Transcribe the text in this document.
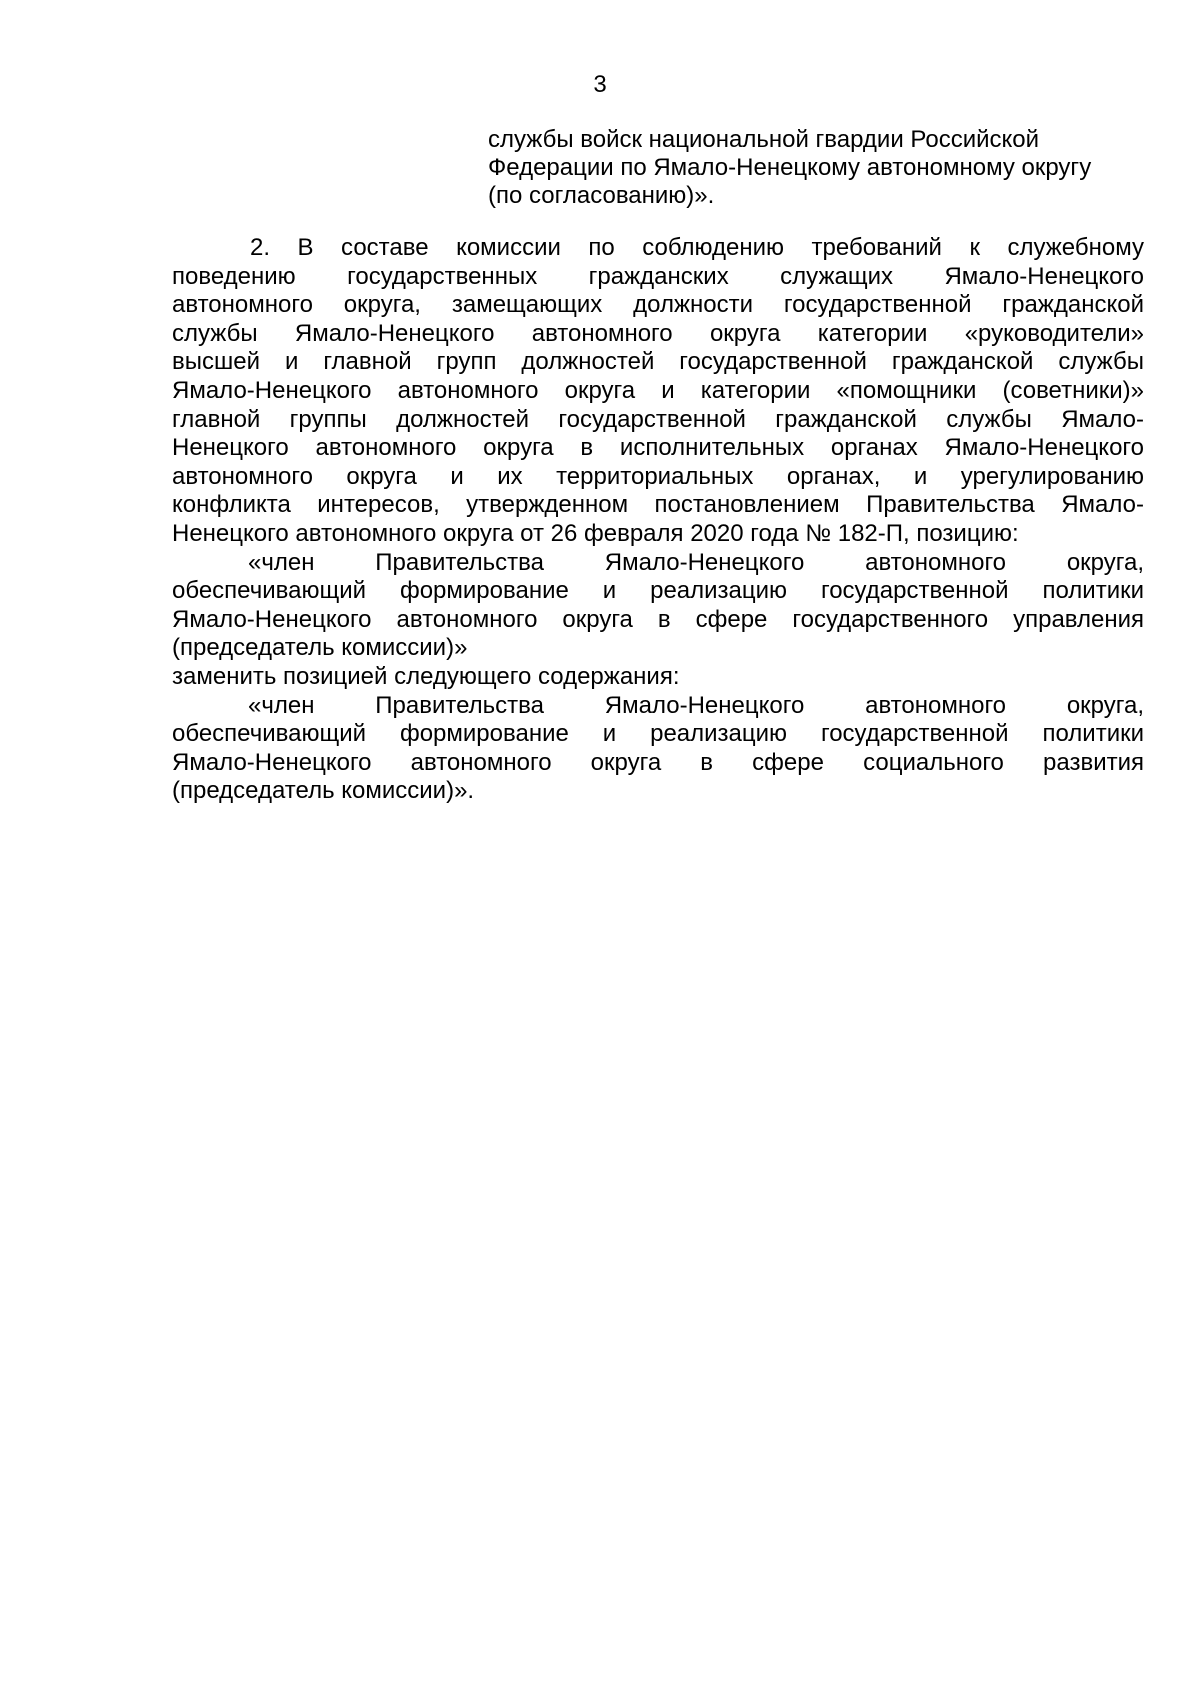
3
службы войск национальной гвардии Российской
Федерации по Ямало-Ненецкому автономному округу
(по согласованию)».
2. В составе комиссии по соблюдению требований к служебному
поведению государственных гражданских служащих Ямало-Ненецкого
автономного округа, замещающих должности государственной гражданской
службы Ямало-Ненецкого автономного округа категории «руководители»
высшей и главной групп должностей государственной гражданской службы
Ямало-Ненецкого автономного округа и категории «помощники (советники)»
главной группы должностей государственной гражданской службы Ямало-
Ненецкого автономного округа в исполнительных органах Ямало-Ненецкого
автономного округа и их территориальных органах, и урегулированию
конфликта интересов, утвержденном постановлением Правительства Ямало-
Ненецкого автономного округа от 26 февраля 2020 года № 182-П, позицию:
«член Правительства Ямало-Ненецкого автономного округа,
обеспечивающий формирование и реализацию государственной политики
Ямало-Ненецкого автономного округа в сфере государственного управления
(председатель комиссии)»
заменить позицией следующего содержания:
«член Правительства Ямало-Ненецкого автономного округа,
обеспечивающий формирование и реализацию государственной политики
Ямало-Ненецкого автономного округа в сфере социального развития
(председатель комиссии)».
